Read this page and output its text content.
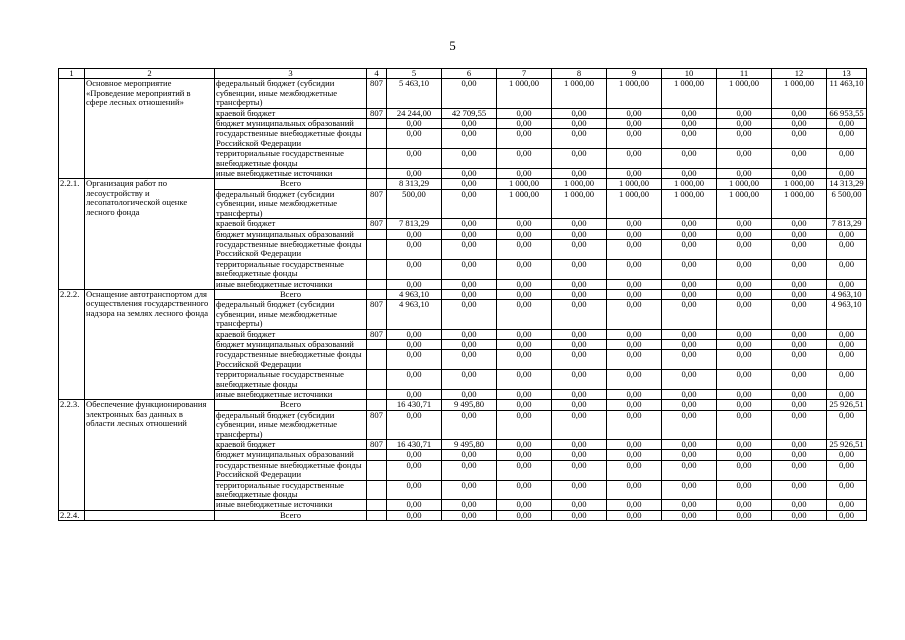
5
1	2	3	4	5	6	7	8	9	10	11	12	13
	Основное мероприятие «Проведение мероприятий в сфере лесных отношений»	федеральный бюджет (субсидии субвенции, иные межбюджетные трансферты)	807	5 463,10	0,00	1 000,00	1 000,00	1 000,00	1 000,00	1 000,00	1 000,00	11 463,10
		краевой бюджет	807	24 244,00	42 709,55	0,00	0,00	0,00	0,00	0,00	0,00	66 953,55
		бюджет муниципальных образований		0,00	0,00	0,00	0,00	0,00	0,00	0,00	0,00	0,00
		государственные внебюджетные фонды Российской Федерации		0,00	0,00	0,00	0,00	0,00	0,00	0,00	0,00	0,00
		территориальные государственные внебюджетные фонды		0,00	0,00	0,00	0,00	0,00	0,00	0,00	0,00	0,00
		иные внебюджетные источники		0,00	0,00	0,00	0,00	0,00	0,00	0,00	0,00	0,00
2.2.1.	Организация работ по лесоустройству и лесопатологической оценке лесного фонда	Всего		8 313,29	0,00	1 000,00	1 000,00	1 000,00	1 000,00	1 000,00	1 000,00	14 313,29
		федеральный бюджет (субсидии субвенции, иные межбюджетные трансферты)	807	500,00	0,00	1 000,00	1 000,00	1 000,00	1 000,00	1 000,00	1 000,00	6 500,00
		краевой бюджет	807	7 813,29	0,00	0,00	0,00	0,00	0,00	0,00	0,00	7 813,29
		бюджет муниципальных образований		0,00	0,00	0,00	0,00	0,00	0,00	0,00	0,00	0,00
		государственные внебюджетные фонды Российской Федерации		0,00	0,00	0,00	0,00	0,00	0,00	0,00	0,00	0,00
		территориальные государственные внебюджетные фонды		0,00	0,00	0,00	0,00	0,00	0,00	0,00	0,00	0,00
		иные внебюджетные источники		0,00	0,00	0,00	0,00	0,00	0,00	0,00	0,00	0,00
2.2.2.	Оснащение автотранспортом для осуществления государственного надзора на землях лесного фонда	Всего		4 963,10	0,00	0,00	0,00	0,00	0,00	0,00	0,00	4 963,10
		федеральный бюджет (субсидии субвенции, иные межбюджетные трансферты)	807	4 963,10	0,00	0,00	0,00	0,00	0,00	0,00	0,00	4 963,10
		краевой бюджет	807	0,00	0,00	0,00	0,00	0,00	0,00	0,00	0,00	0,00
		бюджет муниципальных образований		0,00	0,00	0,00	0,00	0,00	0,00	0,00	0,00	0,00
		государственные внебюджетные фонды Российской Федерации		0,00	0,00	0,00	0,00	0,00	0,00	0,00	0,00	0,00
		территориальные государственные внебюджетные фонды		0,00	0,00	0,00	0,00	0,00	0,00	0,00	0,00	0,00
		иные внебюджетные источники		0,00	0,00	0,00	0,00	0,00	0,00	0,00	0,00	0,00
2.2.3.	Обеспечение функционирования электронных баз данных в области лесных отношений	Всего		16 430,71	9 495,80	0,00	0,00	0,00	0,00	0,00	0,00	25 926,51
		федеральный бюджет (субсидии субвенции, иные межбюджетные трансферты)	807	0,00	0,00	0,00	0,00	0,00	0,00	0,00	0,00	0,00
		краевой бюджет	807	16 430,71	9 495,80	0,00	0,00	0,00	0,00	0,00	0,00	25 926,51
		бюджет муниципальных образований		0,00	0,00	0,00	0,00	0,00	0,00	0,00	0,00	0,00
		государственные внебюджетные фонды Российской Федерации		0,00	0,00	0,00	0,00	0,00	0,00	0,00	0,00	0,00
		территориальные государственные внебюджетные фонды		0,00	0,00	0,00	0,00	0,00	0,00	0,00	0,00	0,00
		иные внебюджетные источники		0,00	0,00	0,00	0,00	0,00	0,00	0,00	0,00	0,00
2.2.4.		Всего		0,00	0,00	0,00	0,00	0,00	0,00	0,00	0,00	0,00
